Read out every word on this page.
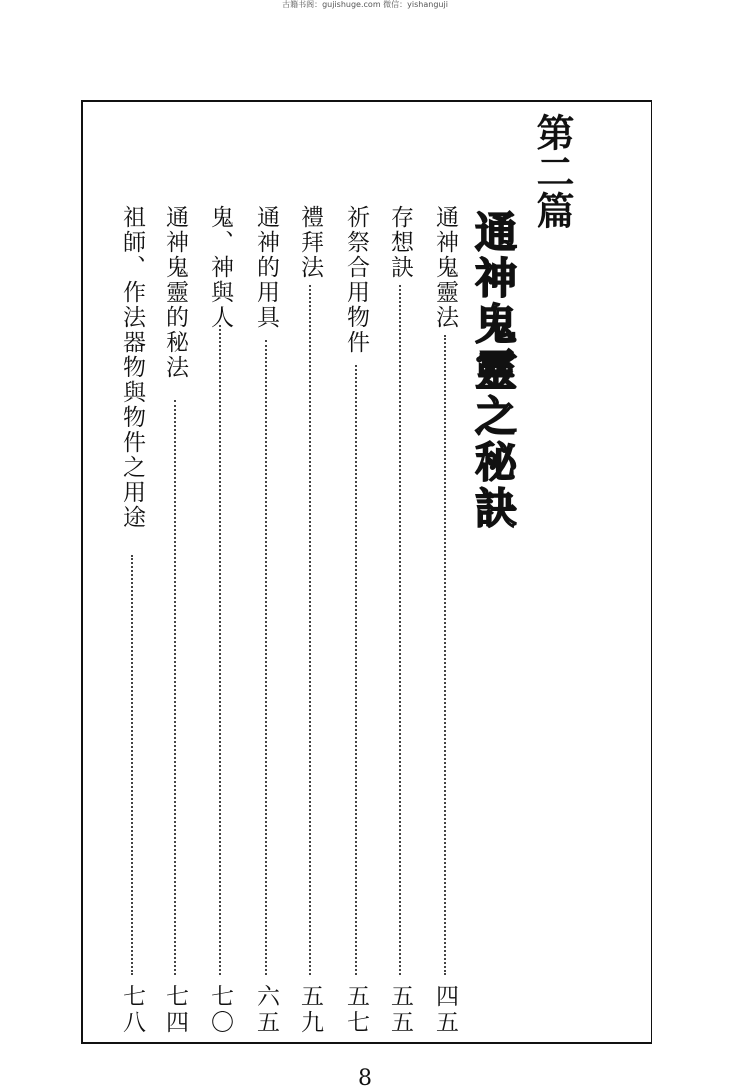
古籍书阁：gujishuge.com 微信：yishanguji
第二篇
通神鬼靈之秘訣
通神鬼靈法
四五
存想訣
五五
祈祭合用物件
五七
禮拜法
五九
通神的用具
六五
鬼、神與人
七〇
通神鬼靈的秘法
七四
祖師、作法器物與物件之用途
七八
8
